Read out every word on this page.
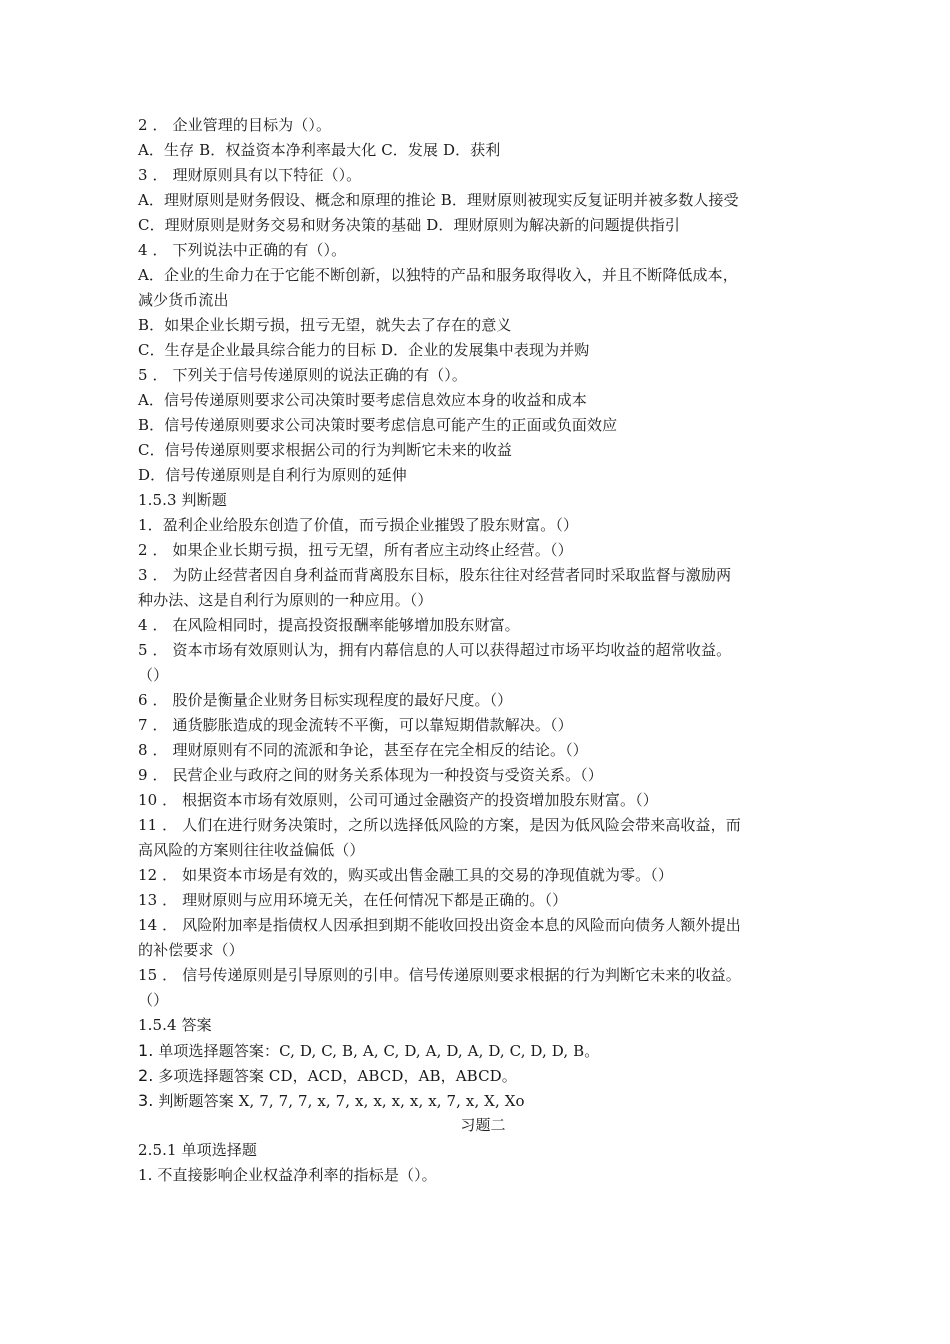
2 ． 企业管理的目标为（）。
A．生存 B．权益资本净利率最大化 C．发展 D．获利
3 ． 理财原则具有以下特征（）。
A．理财原则是财务假设、概念和原理的推论 B．理财原则被现实反复证明并被多数人接受
C．理财原则是财务交易和财务决策的基础 D．理财原则为解决新的问题提供指引
4 ． 下列说法中正确的有（）。
A．企业的生命力在于它能不断创新，以独特的产品和服务取得收入，并且不断降低成本，
减少货币流出
B．如果企业长期亏损，扭亏无望，就失去了存在的意义
C．生存是企业最具综合能力的目标 D．企业的发展集中表现为并购
5 ． 下列关于信号传递原则的说法正确的有（）。
A．信号传递原则要求公司决策时要考虑信息效应本身的收益和成本
B．信号传递原则要求公司决策时要考虑信息可能产生的正面或负面效应
C．信号传递原则要求根据公司的行为判断它未来的收益
D．信号传递原则是自利行为原则的延伸
1.5.3 判断题
1．盈利企业给股东创造了价值，而亏损企业摧毁了股东财富。（）
2 ． 如果企业长期亏损，扭亏无望，所有者应主动终止经营。（）
3 ． 为防止经营者因自身利益而背离股东目标，股东往往对经营者同时采取监督与激励两
种办法、这是自利行为原则的一种应用。（）
4 ． 在风险相同时，提高投资报酬率能够增加股东财富。
5 ． 资本市场有效原则认为，拥有内幕信息的人可以获得超过市场平均收益的超常收益。
（）
6 ． 股价是衡量企业财务目标实现程度的最好尺度。（）
7 ． 通货膨胀造成的现金流转不平衡，可以靠短期借款解决。（）
8 ． 理财原则有不同的流派和争论，甚至存在完全相反的结论。（）
9 ． 民营企业与政府之间的财务关系体现为一种投资与受资关系。（）
10 ． 根据资本市场有效原则，公司可通过金融资产的投资增加股东财富。（）
11 ． 人们在进行财务决策时，之所以选择低风险的方案，是因为低风险会带来高收益，而
高风险的方案则往往收益偏低（）
12 ． 如果资本市场是有效的，购买或出售金融工具的交易的净现值就为零。（）
13 ． 理财原则与应用环境无关，在任何情况下都是正确的。（）
14 ． 风险附加率是指债权人因承担到期不能收回投出资金本息的风险而向债务人额外提出
的补偿要求（）
15 ． 信号传递原则是引导原则的引申。信号传递原则要求根据的行为判断它未来的收益。
（）
1.5.4 答案
1. 单项选择题答案：C, D, C, B, A, C, D, A, D, A, D, C, D, D, B。
2. 多项选择题答案 CD，ACD，ABCD，AB，ABCD。
3. 判断题答案 X, 7, 7, 7, x, 7, x, x, x, x, x, 7, x, X, Xo
习题二
2.5.1 单项选择题
1. 不直接影响企业权益净利率的指标是（）。
